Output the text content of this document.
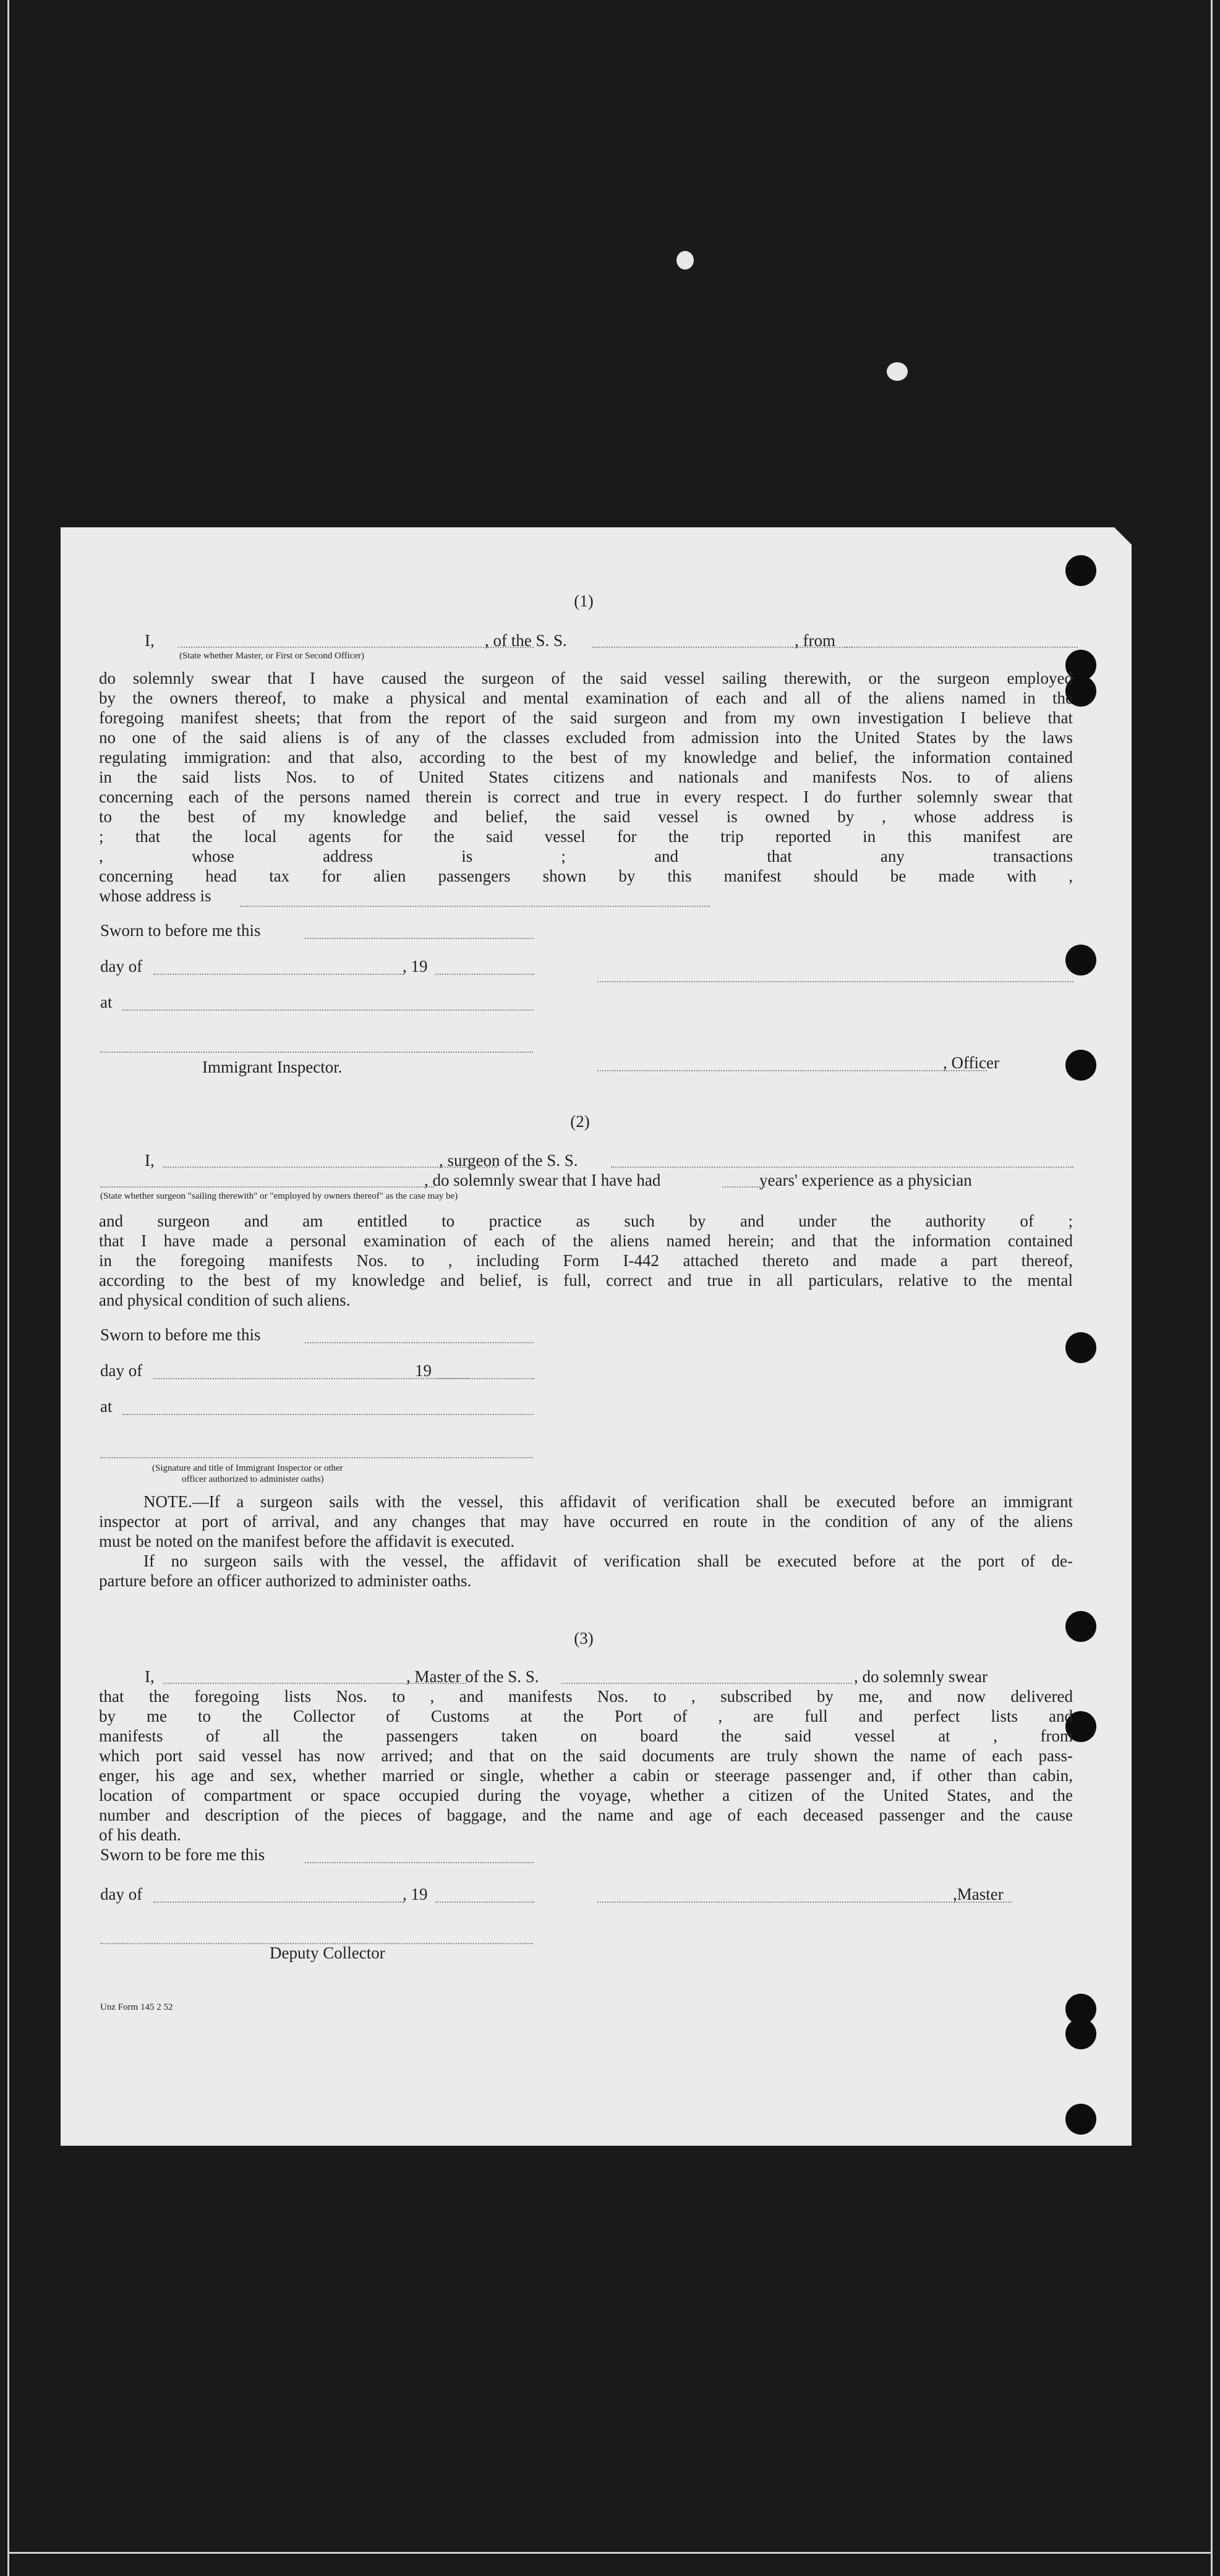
(1)
I,	, of the S. S.	, from
(State whether Master, or First or Second Officer)
do solemnly swear that I have caused the surgeon of the said vessel sailing therewith, or the surgeon employed
by the owners thereof, to make a physical and mental examination of each and all of the aliens named in the
foregoing manifest sheets; that from the report of the said surgeon and from my own investigation I believe that
no one of the said aliens is of any of the classes excluded from admission into the United States by the laws
regulating immigration: and that also, according to the best of my knowledge and belief, the information contained
in the said lists Nos. to of United States citizens and nationals and manifests Nos. to of aliens
concerning each of the persons named therein is correct and true in every respect. I do further solemnly swear that
to the best of my knowledge and belief, the said vessel is owned by , whose address is
; that the local agents for the said vessel for the trip reported in this manifest are
, whose address is ; and that any transactions
concerning head tax for alien passengers shown by this manifest should be made with ,
whose address is
Sworn to before me this
day of	, 19
at
Immigrant Inspector.	, Officer
(2)
I,	, surgeon of the S. S.
, do solemnly swear that I have had	years' experience as a physician
(State whether surgeon "sailing therewith" or "employed by owners thereof" as the case may be)
and surgeon and am entitled to practice as such by and under the authority of ;
that I have made a personal examination of each of the aliens named herein; and that the information contained
in the foregoing manifests Nos. to , including Form I-442 attached thereto and made a part thereof,
according to the best of my knowledge and belief, is full, correct and true in all particulars, relative to the mental
and physical condition of such aliens.
Sworn to before me this
day of	19
at
(Signature and title of Immigrant Inspector or other
officer authorized to administer oaths)
NOTE.—If a surgeon sails with the vessel, this affidavit of verification shall be executed before an immigrant
inspector at port of arrival, and any changes that may have occurred en route in the condition of any of the aliens
must be noted on the manifest before the affidavit is executed.
If no surgeon sails with the vessel, the affidavit of verification shall be executed before at the port of de-
parture before an officer authorized to administer oaths.
(3)
I,	, Master of the S. S.	, do solemnly swear
that the foregoing lists Nos. to , and manifests Nos. to , subscribed by me, and now delivered
by me to the Collector of Customs at the Port of , are full and perfect lists and
manifests of all the passengers taken on board the said vessel at , from
which port said vessel has now arrived; and that on the said documents are truly shown the name of each pass-
enger, his age and sex, whether married or single, whether a cabin or steerage passenger and, if other than cabin,
location of compartment or space occupied during the voyage, whether a citizen of the United States, and the
number and description of the pieces of baggage, and the name and age of each deceased passenger and the cause
of his death.
Sworn to be fore me this
day of	, 19	,Master
Deputy Collector
Unz Form 145 2 52
